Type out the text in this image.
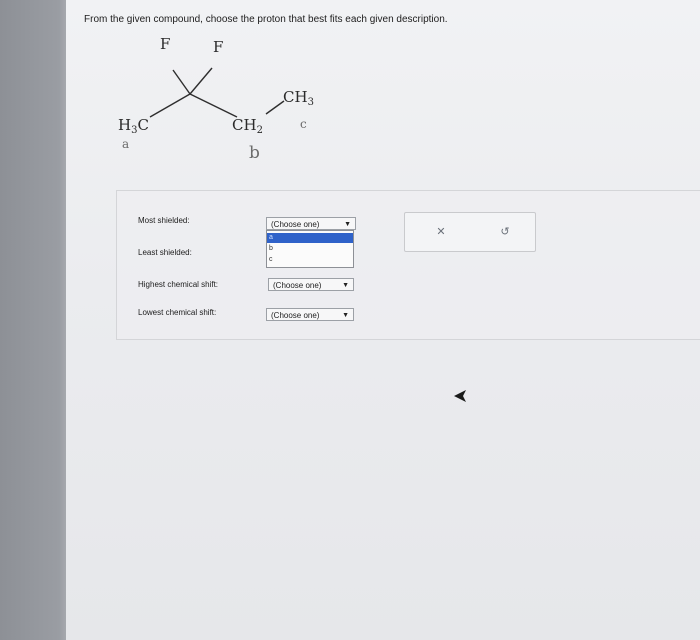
From the given compound, choose the proton that best fits each given description.
F	F
$H_3C$	$CH_2$
$CH_3$
a	b
c
Most shielded:	(Choose one)	▼
a
b
c
Least shielded:
Highest chemical shift:	(Choose one)	▼
Lowest chemical shift:	(Choose one)	▼
✕	↺
